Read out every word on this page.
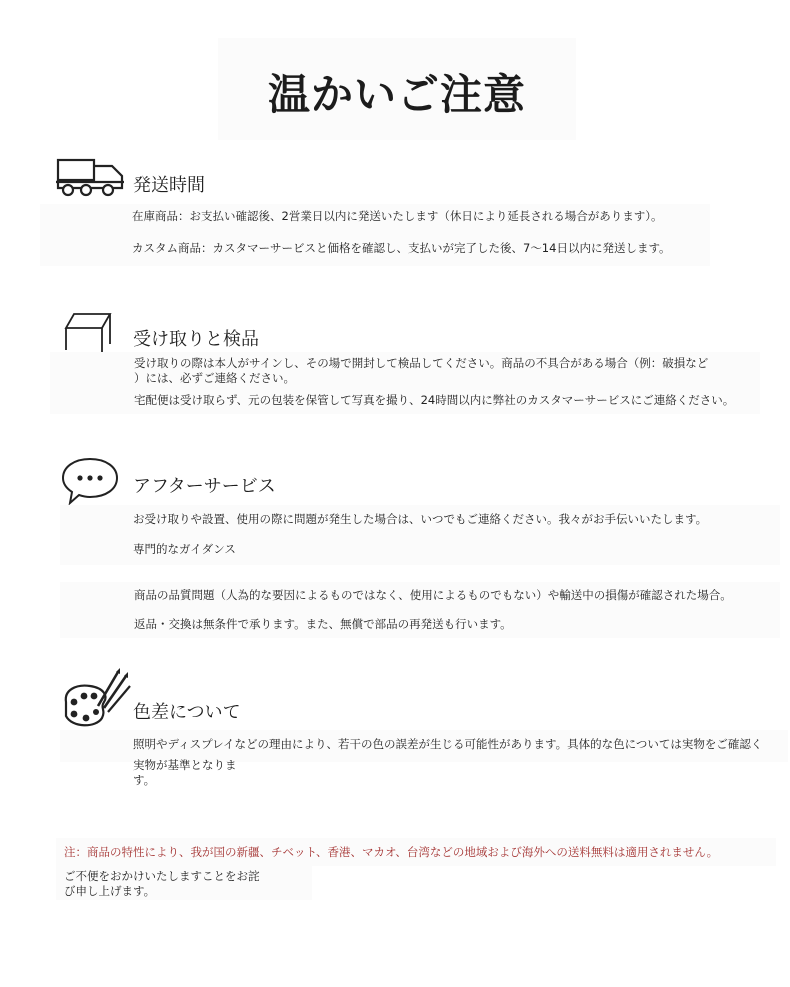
温かいご注意
発送時間

在庫商品：お支払い確認後、2営業日以内に発送いたします（休日により延長される場合があります）。

カスタム商品：カスタマーサービスと価格を確認し、支払いが完了した後、7〜14日以内に発送します。

受け取りと検品

受け取りの際は本人がサインし、その場で開封して検品してください。商品の不具合がある場合（例：破損など

）には、必ずご連絡ください。

宅配便は受け取らず、元の包装を保管して写真を撮り、24時間以内に弊社のカスタマーサービスにご連絡ください。

アフターサービス

お受け取りや設置、使用の際に問題が発生した場合は、いつでもご連絡ください。我々がお手伝いいたします。

専門的なガイダンス

商品の品質問題（人為的な要因によるものではなく、使用によるものでもない）や輸送中の損傷が確認された場合。

返品・交換は無条件で承ります。また、無償で部品の再発送も行います。

色差について

照明やディスプレイなどの理由により、若干の色の誤差が生じる可能性があります。具体的な色については実物をご確認く

実物が基準となりま

す。

注：商品の特性により、我が国の新疆、チベット、香港、マカオ、台湾などの地域および海外への送料無料は適用されません。

ご不便をおかけいたしますことをお詫

び申し上げます。
